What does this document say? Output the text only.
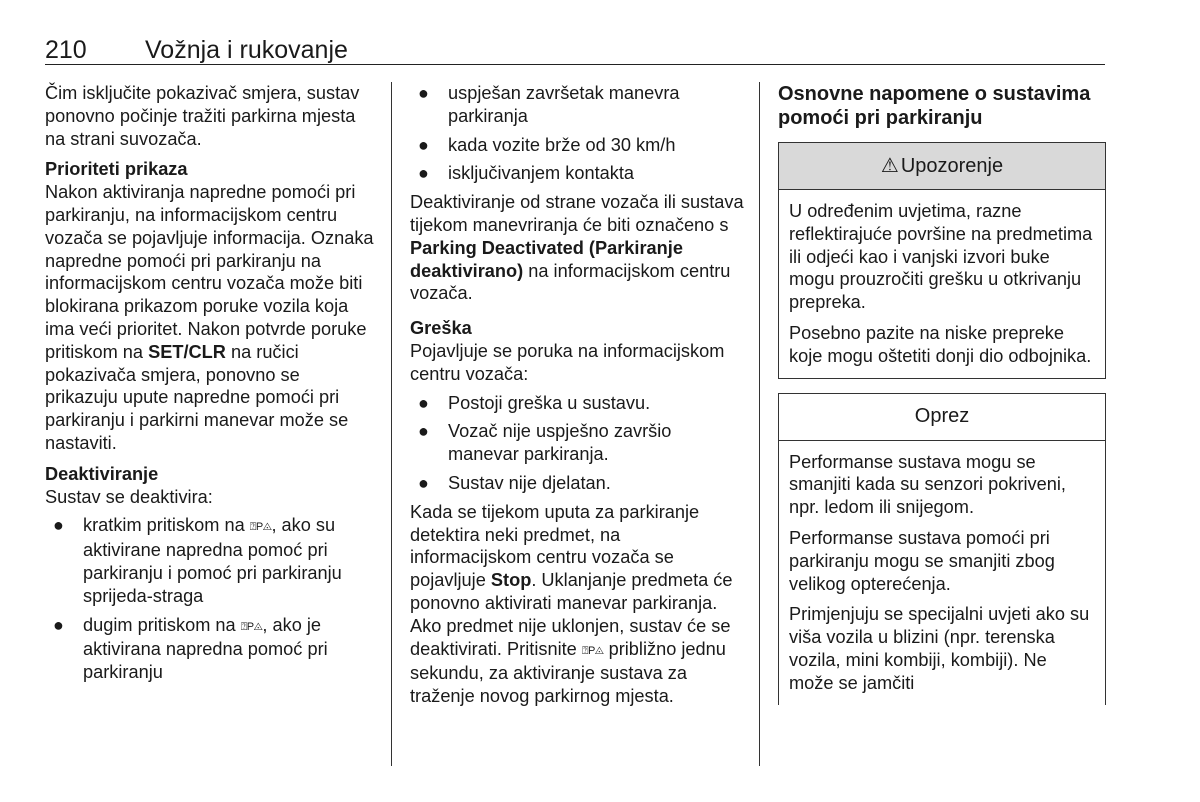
210 Vožnja i rukovanje

Čim isključite pokazivač smjera, sustav ponovno počinje tražiti parkirna mjesta na strani suvozača.

Prioriteti prikaza

Nakon aktiviranja napredne pomoći pri parkiranju, na informacijskom centru vozača se pojavljuje informacija. Oznaka napredne pomoći pri parkiranju na informacijskom centru vozača može biti blokirana prikazom poruke vozila koja ima veći prioritet. Nakon potvrde poruke pritiskom na SET/CLR na ručici pokazivača smjera, ponovno se prikazuju upute napredne pomoći pri parkiranju i parkirni manevar može se nastaviti.

Deaktiviranje

Sustav se deaktivira:

● kratkim pritiskom na ⍰P◬, ako su aktivirane napredna pomoć pri parkiranju i pomoć pri parkiranju sprijeda-straga
● dugim pritiskom na ⍰P◬, ako je aktivirana napredna pomoć pri parkiranju
● uspješan završetak manevra parkiranja
● kada vozite brže od 30 km/h
● isključivanjem kontakta

Deaktiviranje od strane vozača ili sustava tijekom manevriranja će biti označeno s Parking Deactivated (Parkiranje deaktivirano) na informacijskom centru vozača.

Greška

Pojavljuje se poruka na informacijskom centru vozača:

● Postoji greška u sustavu.
● Vozač nije uspješno završio manevar parkiranja.
● Sustav nije djelatan.

Kada se tijekom uputa za parkiranje detektira neki predmet, na informacijskom centru vozača se pojavljuje Stop. Uklanjanje predmeta će ponovno aktivirati manevar parkiranja. Ako predmet nije uklonjen, sustav će se deaktivirati. Pritisnite ⍰P◬ približno jednu sekundu, za aktiviranje sustava za traženje novog parkirnog mjesta.

Osnovne napomene o sustavima pomoći pri parkiranju

⚠ Upozorenje

U određenim uvjetima, razne reflektirajuće površine na predmetima ili odjeći kao i vanjski izvori buke mogu prouzročiti grešku u otkrivanju prepreka.

Posebno pazite na niske prepreke koje mogu oštetiti donji dio odbojnika.

Oprez

Performanse sustava mogu se smanjiti kada su senzori pokriveni, npr. ledom ili snijegom.

Performanse sustava pomoći pri parkiranju mogu se smanjiti zbog velikog opterećenja.

Primjenjuju se specijalni uvjeti ako su viša vozila u blizini (npr. terenska vozila, mini kombiji, kombiji). Ne može se jamčiti
